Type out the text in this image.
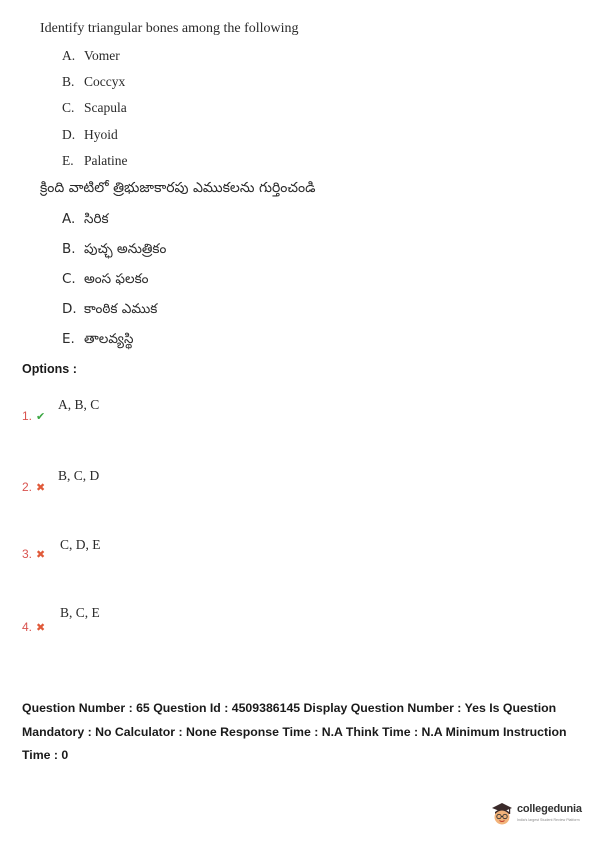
Identify triangular bones among the following
A. Vomer
B. Coccyx
C. Scapula
D. Hyoid
E. Palatine
క్రింది వాటిలో త్రిభుజాకారపు ఎముకలను గుర్తించండి
A. సిరిక
B. పుచ్ఛ అనుత్రికం
C. అంస ఫలకం
D. కాంఠిక ఎముక
E. తాలవ్యస్థి
Options :
A, B, C
1. ✔
B, C, D
2. ✖
C, D, E
3. ✖
B, C, E
4. ✖
Question Number : 65 Question Id : 4509386145 Display Question Number : Yes Is Question Mandatory : No Calculator : None Response Time : N.A Think Time : N.A Minimum Instruction Time : 0
collegedunia
India's largest Student Review Platform
